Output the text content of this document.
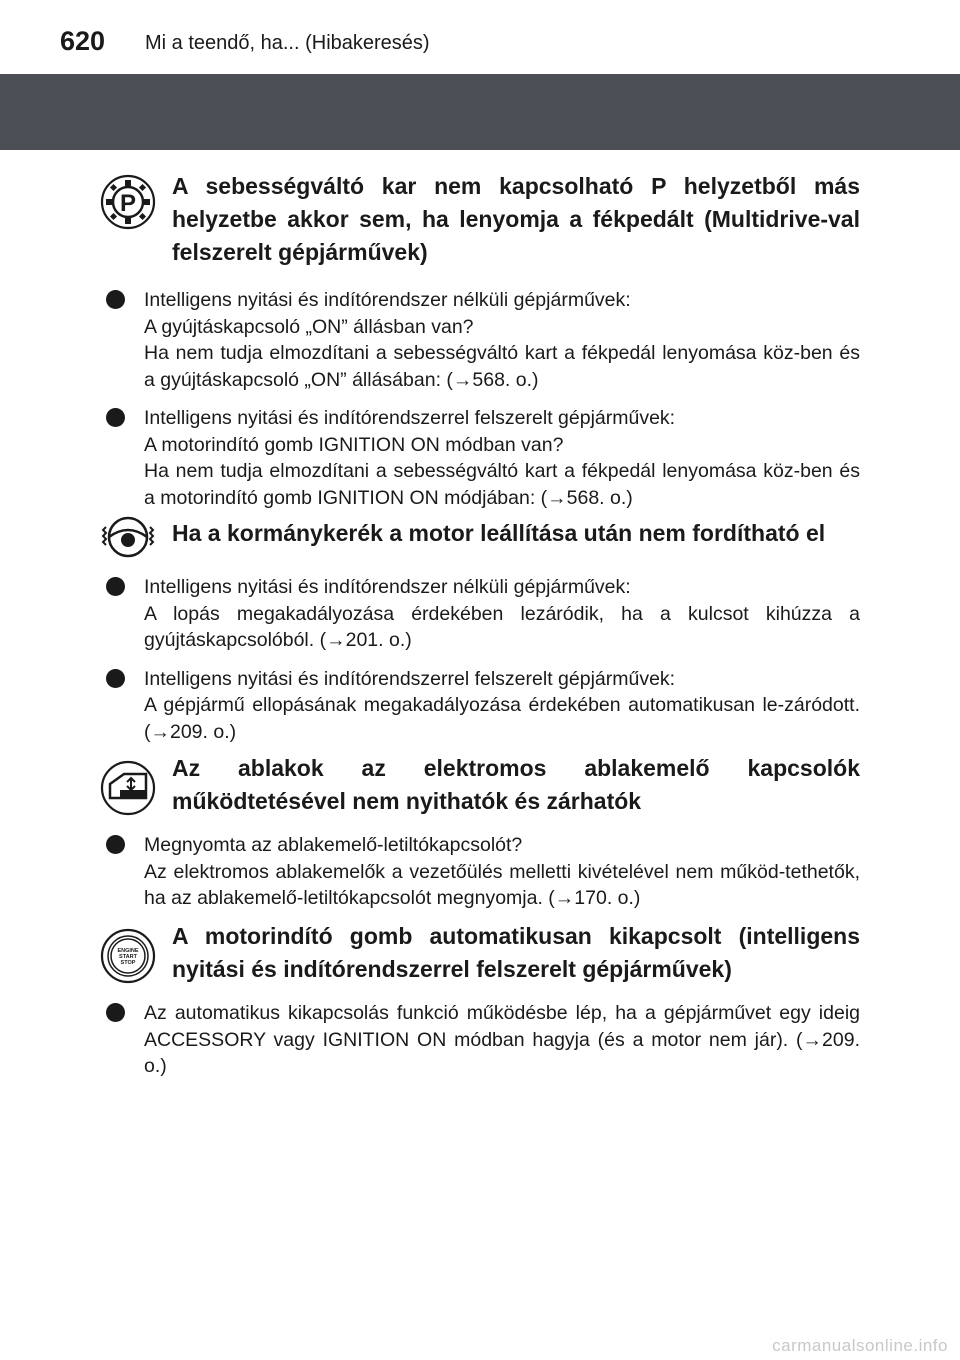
620 Mi a teendő, ha... (Hibakeresés)
P
A sebességváltó kar nem kapcsolható P helyzetből más helyzetbe akkor sem, ha lenyomja a fékpedált (Multidrive-val felszerelt gépjárművek)

Intelligens nyitási és indítórendszer nélküli gépjárművek:

A gyújtáskapcsoló „ON” állásban van?

Ha nem tudja elmozdítani a sebességváltó kart a fékpedál lenyomása köz-ben és a gyújtáskapcsoló „ON” állásában: (→568. o.)

Intelligens nyitási és indítórendszerrel felszerelt gépjárművek:

A motorindító gomb IGNITION ON módban van?

Ha nem tudja elmozdítani a sebességváltó kart a fékpedál lenyomása köz-ben és a motorindító gomb IGNITION ON módjában: (→568. o.)

Ha a kormánykerék a motor leállítása után nem fordítható el

Intelligens nyitási és indítórendszer nélküli gépjárművek:

A lopás megakadályozása érdekében lezáródik, ha a kulcsot kihúzza a gyújtáskapcsolóból. (→201. o.)

Intelligens nyitási és indítórendszerrel felszerelt gépjárművek:

A gépjármű ellopásának megakadályozása érdekében automatikusan le-záródott. (→209. o.)

Az ablakok az elektromos ablakemelő kapcsolók működtetésével nem nyithatók és zárhatók

Megnyomta az ablakemelő-letiltókapcsolót?

Az elektromos ablakemelők a vezetőülés melletti kivételével nem működ-tethetők, ha az ablakemelő-letiltókapcsolót megnyomja. (→170. o.)

ENGINE
START
STOP
A motorindító gomb automatikusan kikapcsolt (intelligens nyitási és indítórendszerrel felszerelt gépjárművek)

Az automatikus kikapcsolás funkció működésbe lép, ha a gépjárművet egy ideig ACCESSORY vagy IGNITION ON módban hagyja (és a motor nem jár). (→209. o.)

carmanualsonline.info
